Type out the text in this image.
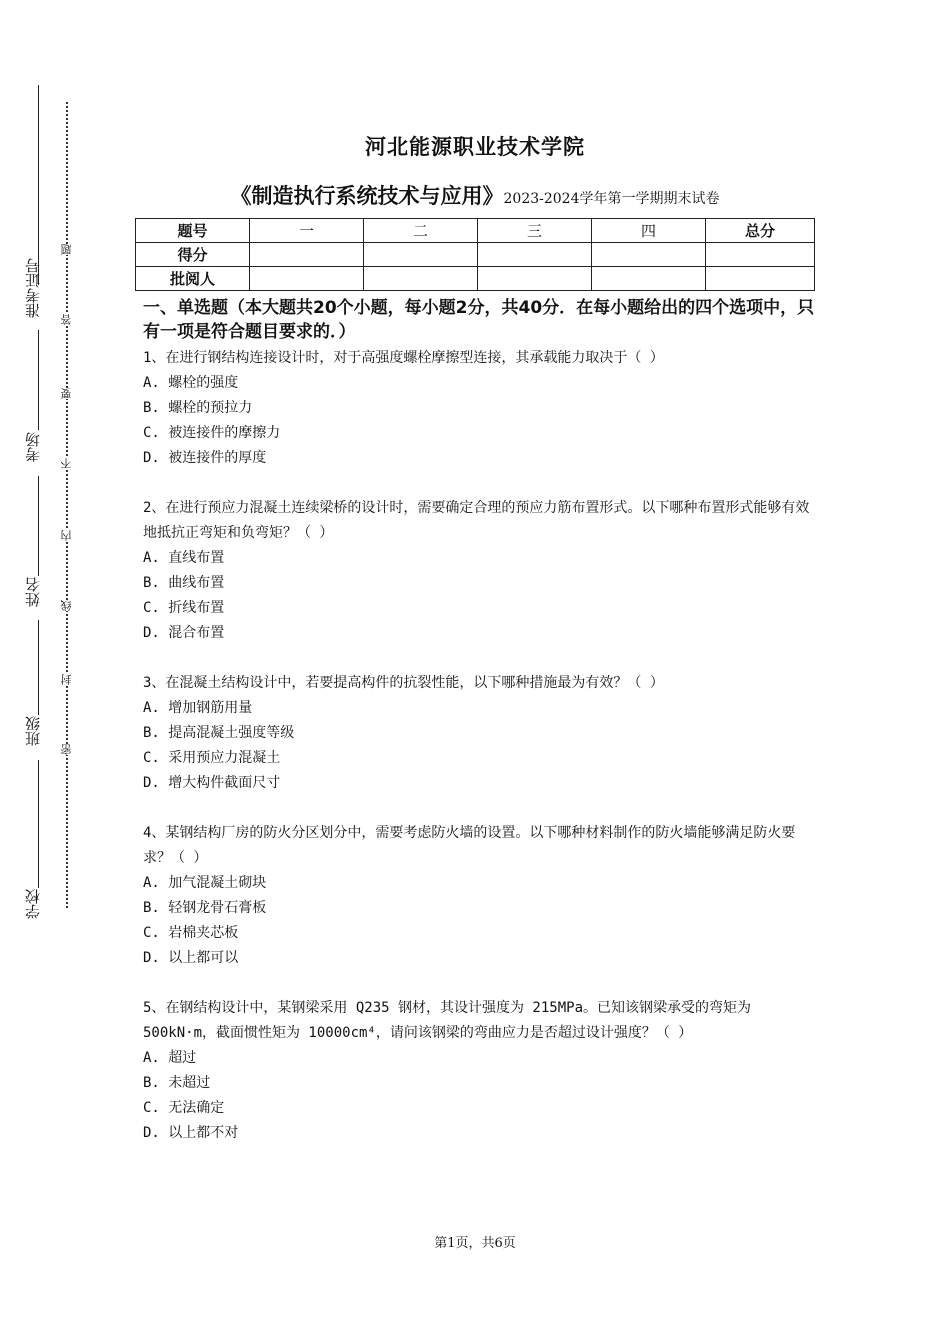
准考证号
考场
姓名
班级
学校
题
答
要
不
内
线
封
密
河北能源职业技术学院
《制造执行系统技术与应用》2023-2024学年第一学期期末试卷
题号	一	二	三	四	总分
得分					
批阅人					
一、单选题（本大题共20个小题，每小题2分，共40分．在每小题给出的四个选项中，只有一项是符合题目要求的．）

1、在进行钢结构连接设计时，对于高强度螺栓摩擦型连接，其承载能力取决于（ ）

A. 螺栓的强度

B. 螺栓的预拉力

C. 被连接件的摩擦力

D. 被连接件的厚度

2、在进行预应力混凝土连续梁桥的设计时，需要确定合理的预应力筋布置形式。以下哪种布置形式能够有效地抵抗正弯矩和负弯矩？（ ）

A. 直线布置

B. 曲线布置

C. 折线布置

D. 混合布置

3、在混凝土结构设计中，若要提高构件的抗裂性能，以下哪种措施最为有效？（ ）

A. 增加钢筋用量

B. 提高混凝土强度等级

C. 采用预应力混凝土

D. 增大构件截面尺寸

4、某钢结构厂房的防火分区划分中，需要考虑防火墙的设置。以下哪种材料制作的防火墙能够满足防火要求？（ ）

A. 加气混凝土砌块

B. 轻钢龙骨石膏板

C. 岩棉夹芯板

D. 以上都可以

5、在钢结构设计中，某钢梁采用 Q235 钢材，其设计强度为 215MPa。已知该钢梁承受的弯矩为 500kN·m，截面惯性矩为 10000cm⁴，请问该钢梁的弯曲应力是否超过设计强度？（ ）

A. 超过

B. 未超过

C. 无法确定

D. 以上都不对

第1页，共6页
